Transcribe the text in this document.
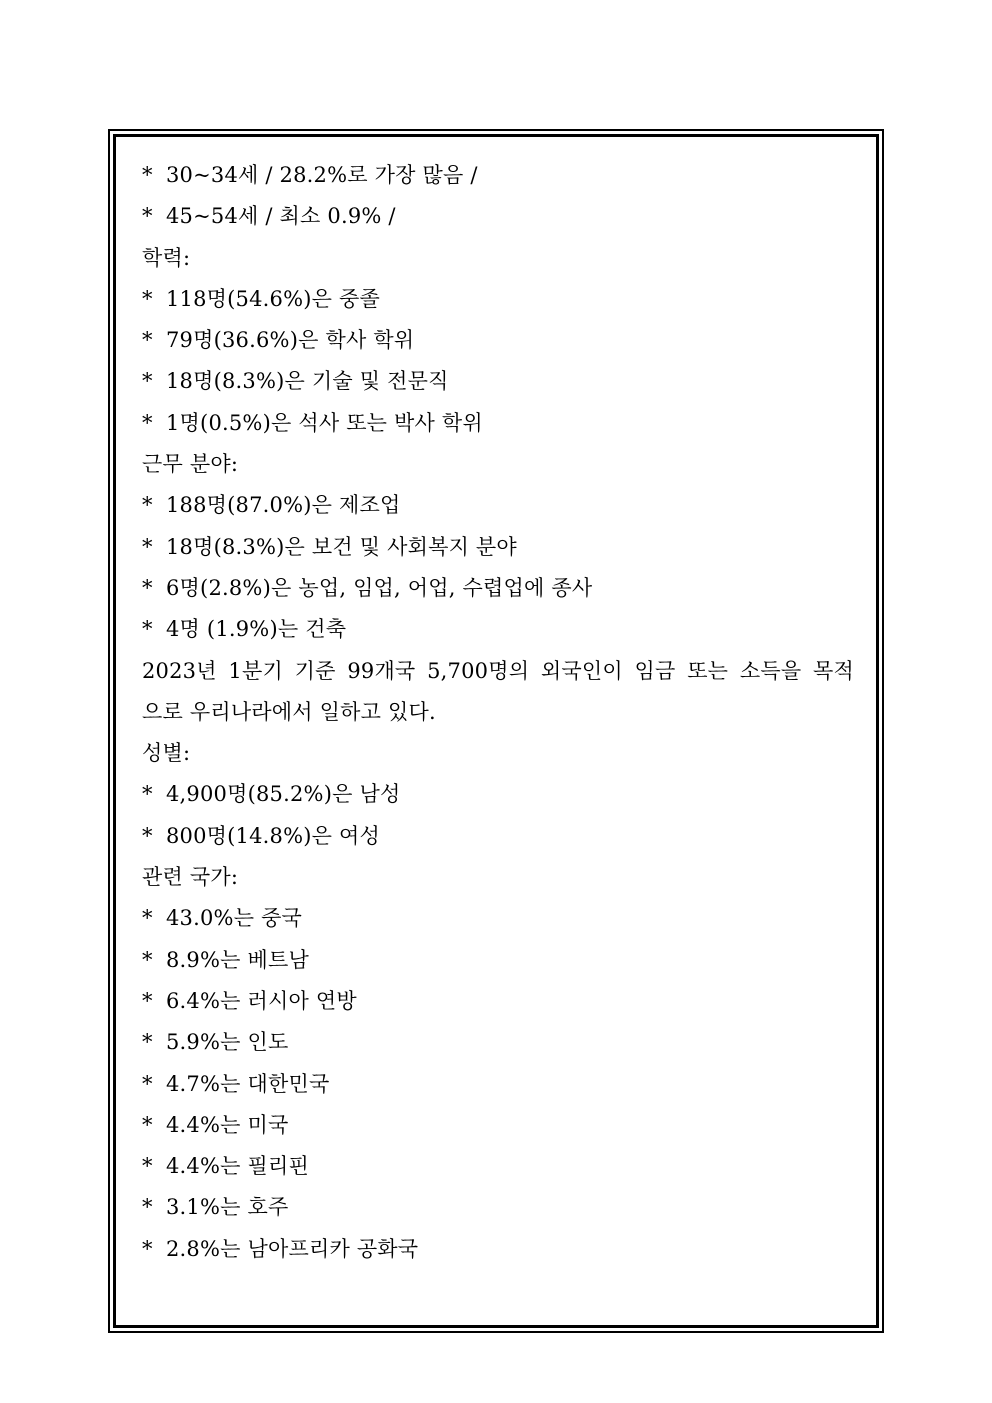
* 30~34세 / 28.2%로 가장 많음 /
* 45~54세 / 최소 0.9% /
학력:
* 118명(54.6%)은 중졸
* 79명(36.6%)은 학사 학위
* 18명(8.3%)은 기술 및 전문직
* 1명(0.5%)은 석사 또는 박사 학위
근무 분야:
* 188명(87.0%)은 제조업
* 18명(8.3%)은 보건 및 사회복지 분야
* 6명(2.8%)은 농업, 임업, 어업, 수렵업에 종사
* 4명 (1.9%)는 건축
2023년 1분기 기준 99개국 5,700명의 외국인이 임금 또는 소득을 목적
으로 우리나라에서 일하고 있다.
성별:
* 4,900명(85.2%)은 남성
* 800명(14.8%)은 여성
관련 국가:
* 43.0%는 중국
* 8.9%는 베트남
* 6.4%는 러시아 연방
* 5.9%는 인도
* 4.7%는 대한민국
* 4.4%는 미국
* 4.4%는 필리핀
* 3.1%는 호주
* 2.8%는 남아프리카 공화국
